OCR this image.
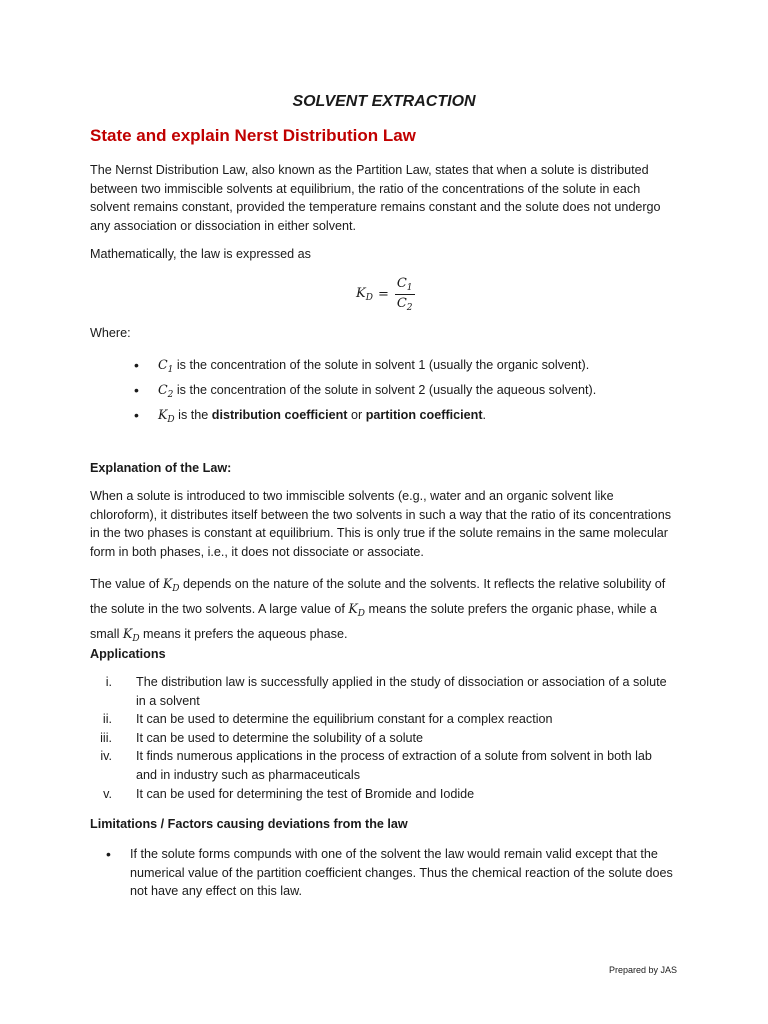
SOLVENT EXTRACTION
State and explain Nerst Distribution Law
The Nernst Distribution Law, also known as the Partition Law, states that when a solute is distributed between two immiscible solvents at equilibrium, the ratio of the concentrations of the solute in each solvent remains constant, provided the temperature remains constant and the solute does not undergo any association or dissociation in either solvent.
Mathematically, the law is expressed as
$K_D = \frac{C_1}{C_2}$
Where:
• $C_1$ is the concentration of the solute in solvent 1 (usually the organic solvent).
• $C_2$ is the concentration of the solute in solvent 2 (usually the aqueous solvent).
• $K_D$ is the distribution coefficient or partition coefficient.
Explanation of the Law:
When a solute is introduced to two immiscible solvents (e.g., water and an organic solvent like chloroform), it distributes itself between the two solvents in such a way that the ratio of its concentrations in the two phases is constant at equilibrium. This is only true if the solute remains in the same molecular form in both phases, i.e., it does not dissociate or associate.
The value of $K_D$ depends on the nature of the solute and the solvents. It reflects the relative solubility of the solute in the two solvents. A large value of $K_D$ means the solute prefers the organic phase, while a small $K_D$ means it prefers the aqueous phase.
Applications
i. The distribution law is successfully applied in the study of dissociation or association of a solute in a solvent
ii. It can be used to determine the equilibrium constant for a complex reaction
iii. It can be used to determine the solubility of a solute
iv. It finds numerous applications in the process of extraction of a solute from solvent in both lab and in industry such as pharmaceuticals
v. It can be used for determining the test of Bromide and Iodide
Limitations / Factors causing deviations from the law
• If the solute forms compunds with one of the solvent the law would remain valid except that the numerical value of the partition coefficient changes. Thus the chemical reaction of the solute does not have any effect on this law.
Prepared by JAS
